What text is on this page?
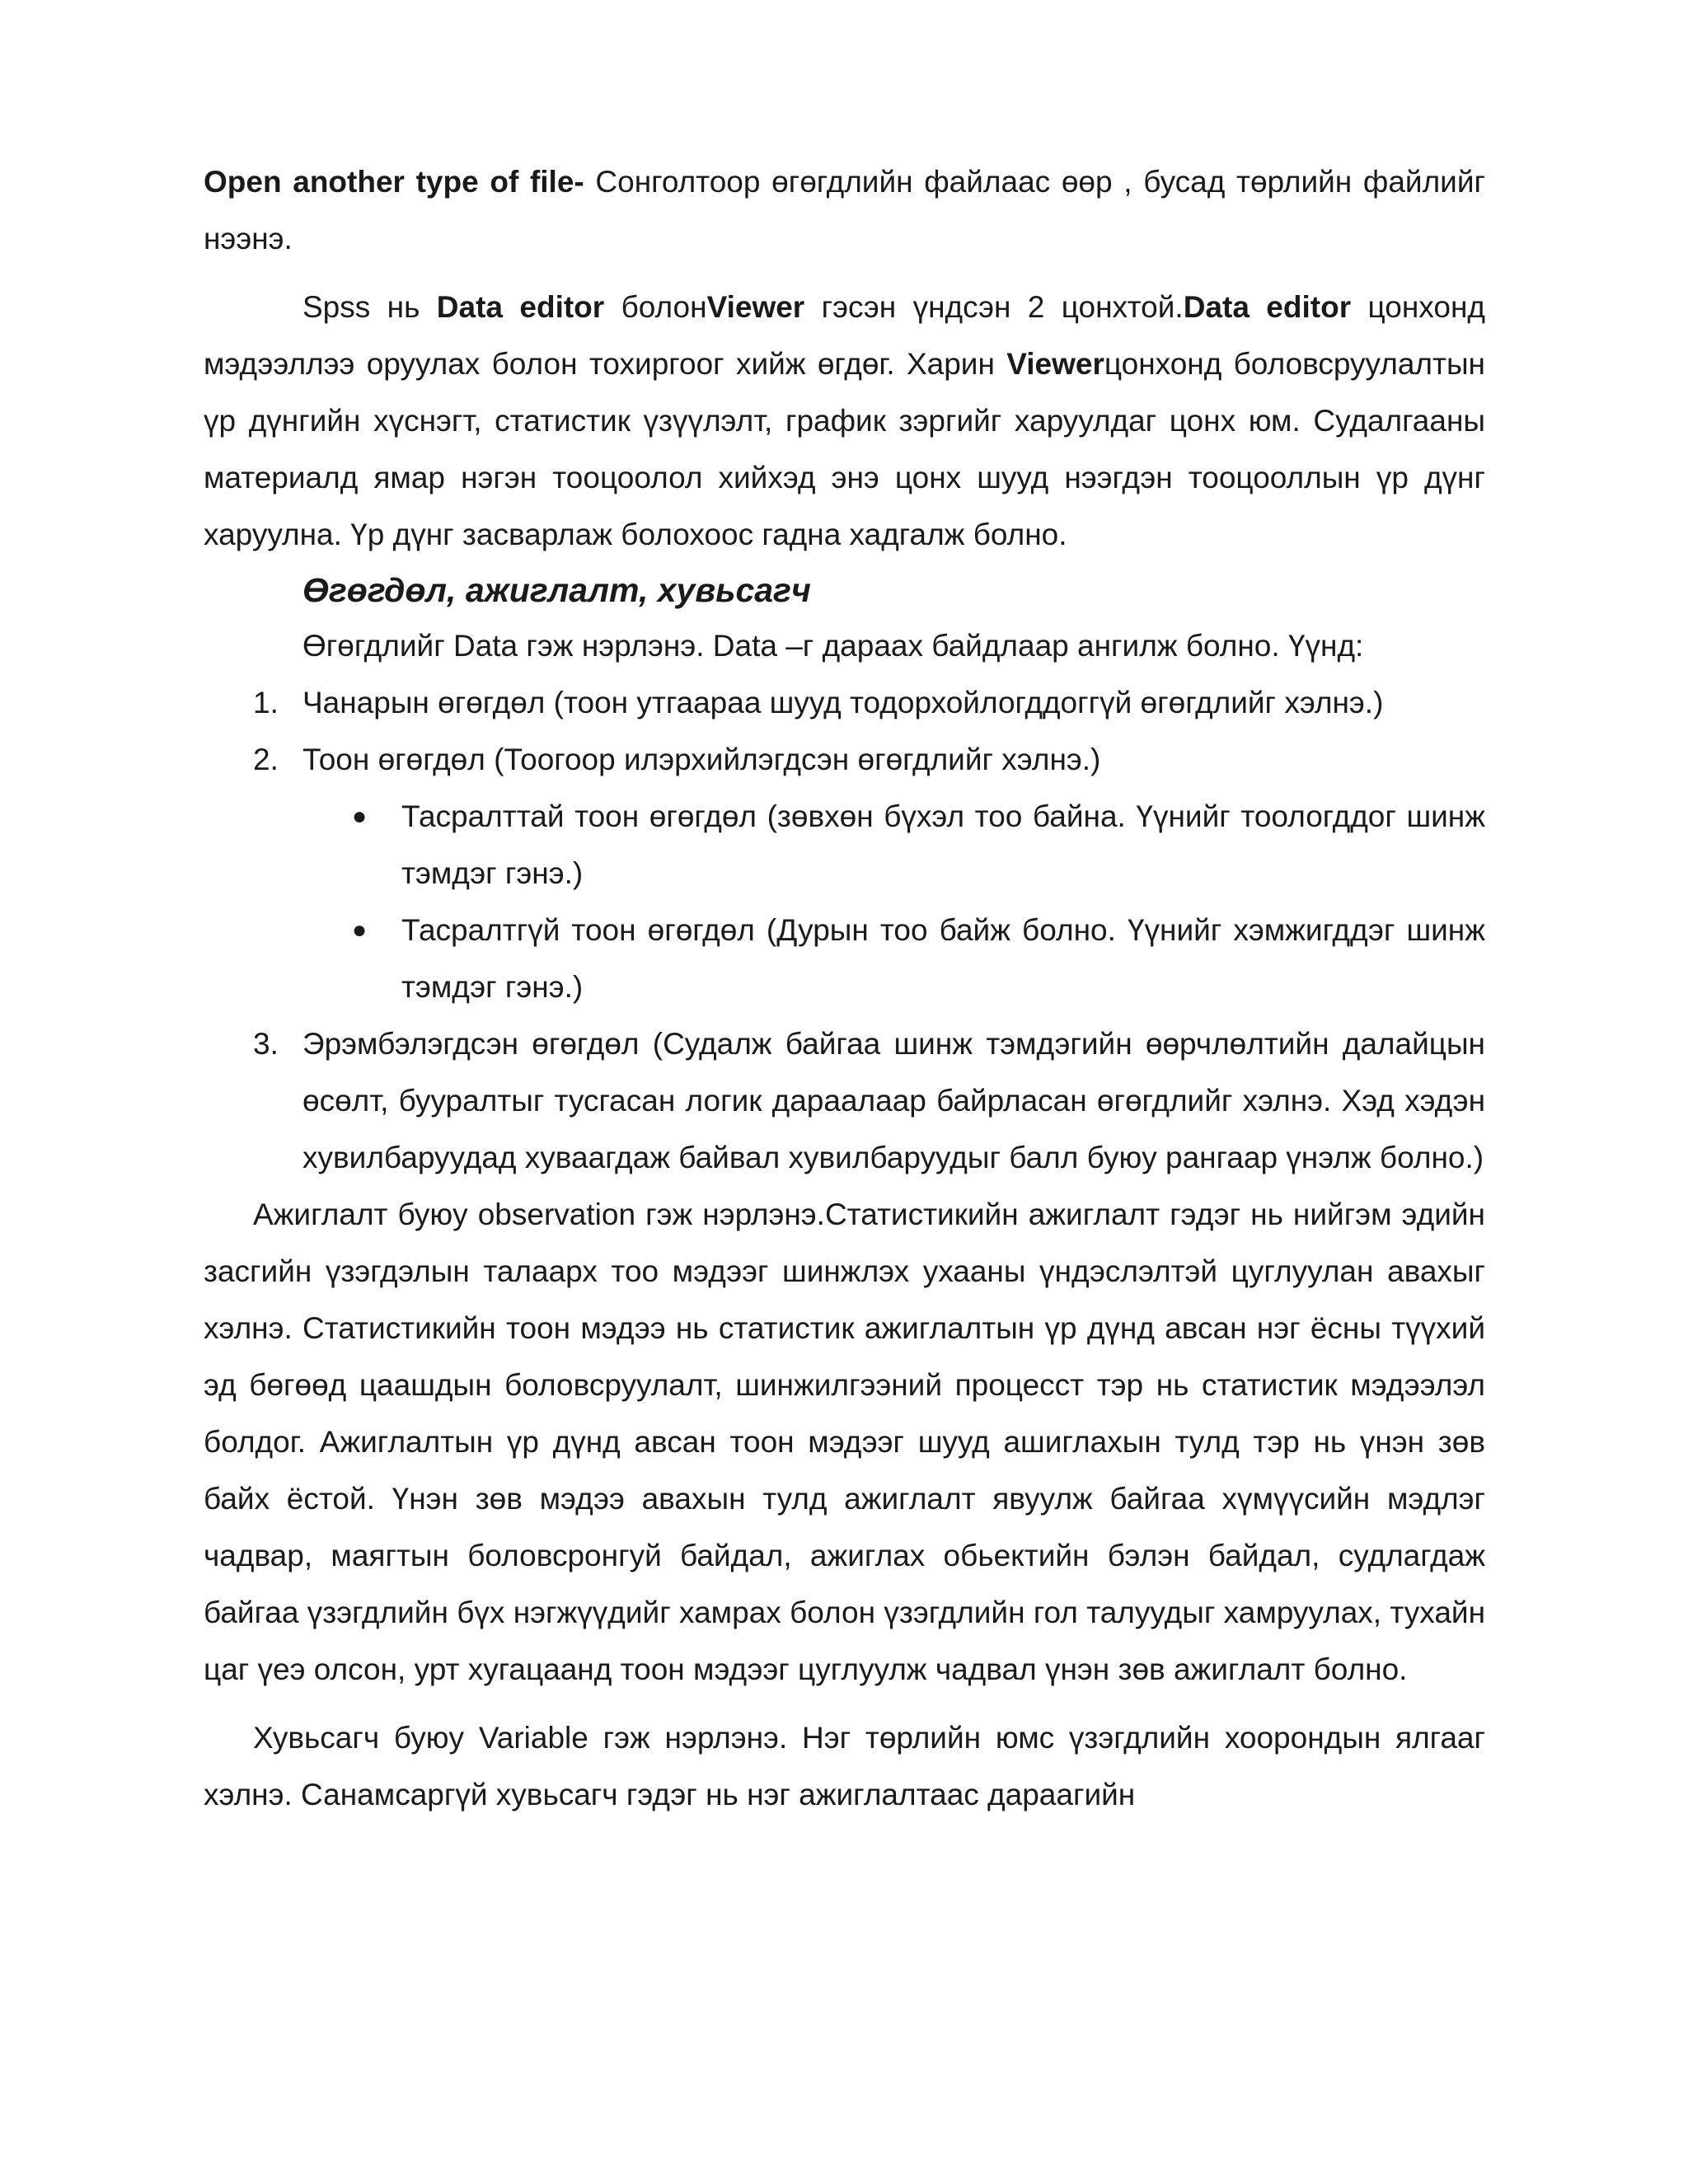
Open another type of file- Сонголтоор өгөгдлийн файлаас өөр , бусад төрлийн файлийг нээнэ.

Spss нь Data editor болонViewer гэсэн үндсэн 2 цонхтой.Data editor цонхонд мэдээллээ оруулах болон тохиргоог хийж өгдөг. Харин Viewerцонхонд боловсруулалтын үр дүнгийн хүснэгт, статистик үзүүлэлт, график зэргийг харуулдаг цонх юм. Судалгааны материалд ямар нэгэн тооцоолол хийхэд энэ цонх шууд нээгдэн тооцооллын үр дүнг харуулна. Үр дүнг засварлаж болохоос гадна хадгалж болно.

Өгөгдөл, ажиглалт, хувьсагч

Өгөгдлийг Data гэж нэрлэнэ. Data –г дараах байдлаар ангилж болно. Үүнд:

1. Чанарын өгөгдөл (тоон утгаараа шууд тодорхойлогддоггүй өгөгдлийг хэлнэ.)
2. Тоон өгөгдөл (Тоогоор илэрхийлэгдсэн өгөгдлийг хэлнэ.)
● Тасралттай тоон өгөгдөл (зөвхөн бүхэл тоо байна. Үүнийг тоологддог шинж тэмдэг гэнэ.)
● Тасралтгүй тоон өгөгдөл (Дурын тоо байж болно. Үүнийг хэмжигддэг шинж тэмдэг гэнэ.)
3. Эрэмбэлэгдсэн өгөгдөл (Судалж байгаа шинж тэмдэгийн өөрчлөлтийн далайцын өсөлт, бууралтыг тусгасан логик дараалаар байрласан өгөгдлийг хэлнэ. Хэд хэдэн хувилбаруудад хуваагдаж байвал хувилбаруудыг балл буюу рангаар үнэлж болно.)

Ажиглалт буюу observation гэж нэрлэнэ.Статистикийн ажиглалт гэдэг нь нийгэм эдийн засгийн үзэгдэлын талаарх тоо мэдээг шинжлэх ухааны үндэслэлтэй цуглуулан авахыг хэлнэ. Статистикийн тоон мэдээ нь статистик ажиглалтын үр дүнд авсан нэг ёсны түүхий эд бөгөөд цаашдын боловсруулалт, шинжилгээний процесст тэр нь статистик мэдээлэл болдог. Ажиглалтын үр дүнд авсан тоон мэдээг шууд ашиглахын тулд тэр нь үнэн зөв байх ёстой. Үнэн зөв мэдээ авахын тулд ажиглалт явуулж байгаа хүмүүсийн мэдлэг чадвар, маягтын боловсронгуй байдал, ажиглах обьектийн бэлэн байдал, судлагдаж байгаа үзэгдлийн бүх нэгжүүдийг хамрах болон үзэгдлийн гол талуудыг хамруулах, тухайн цаг үеэ олсон, урт хугацаанд тоон мэдээг цуглуулж чадвал үнэн зөв ажиглалт болно.

Хувьсагч буюу Variable гэж нэрлэнэ. Нэг төрлийн юмс үзэгдлийн хоорондын ялгааг хэлнэ. Санамсаргүй хувьсагч гэдэг нь нэг ажиглалтаас дараагийн
